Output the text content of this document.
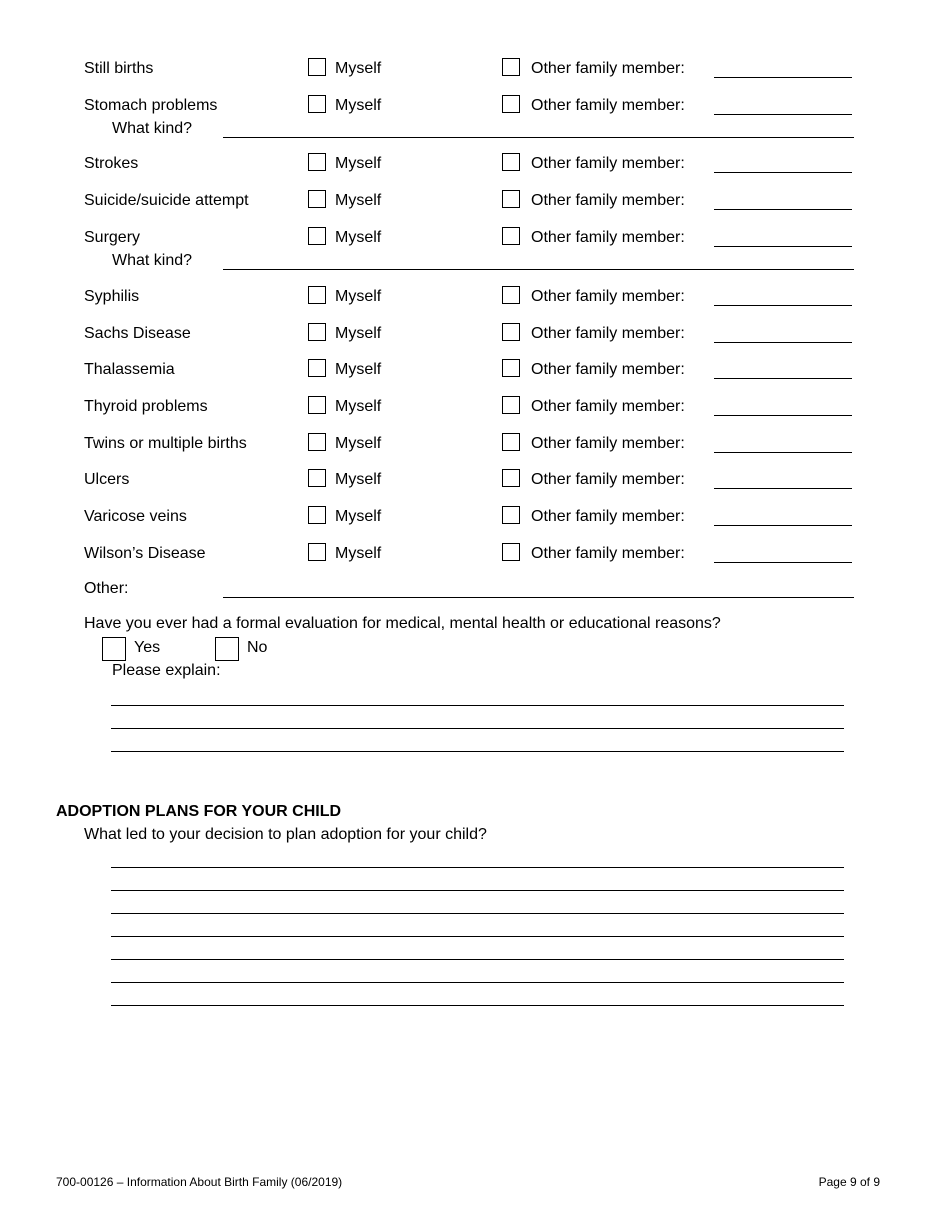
Still births	Myself	Other family member:
Stomach problems	Myself	Other family member:
What kind?
Strokes	Myself	Other family member:
Suicide/suicide attempt	Myself	Other family member:
Surgery	Myself	Other family member:
What kind?
Syphilis	Myself	Other family member:
Sachs Disease	Myself	Other family member:
Thalassemia	Myself	Other family member:
Thyroid problems	Myself	Other family member:
Twins or multiple births	Myself	Other family member:
Ulcers	Myself	Other family member:
Varicose veins	Myself	Other family member:
Wilson’s Disease	Myself	Other family member:
Other:
Have you ever had a formal evaluation for medical, mental health or educational reasons?
Yes	No
Please explain:
ADOPTION PLANS FOR YOUR CHILD
What led to your decision to plan adoption for your child?
700-00126 – Information About Birth Family (06/2019)	Page 9 of 9
